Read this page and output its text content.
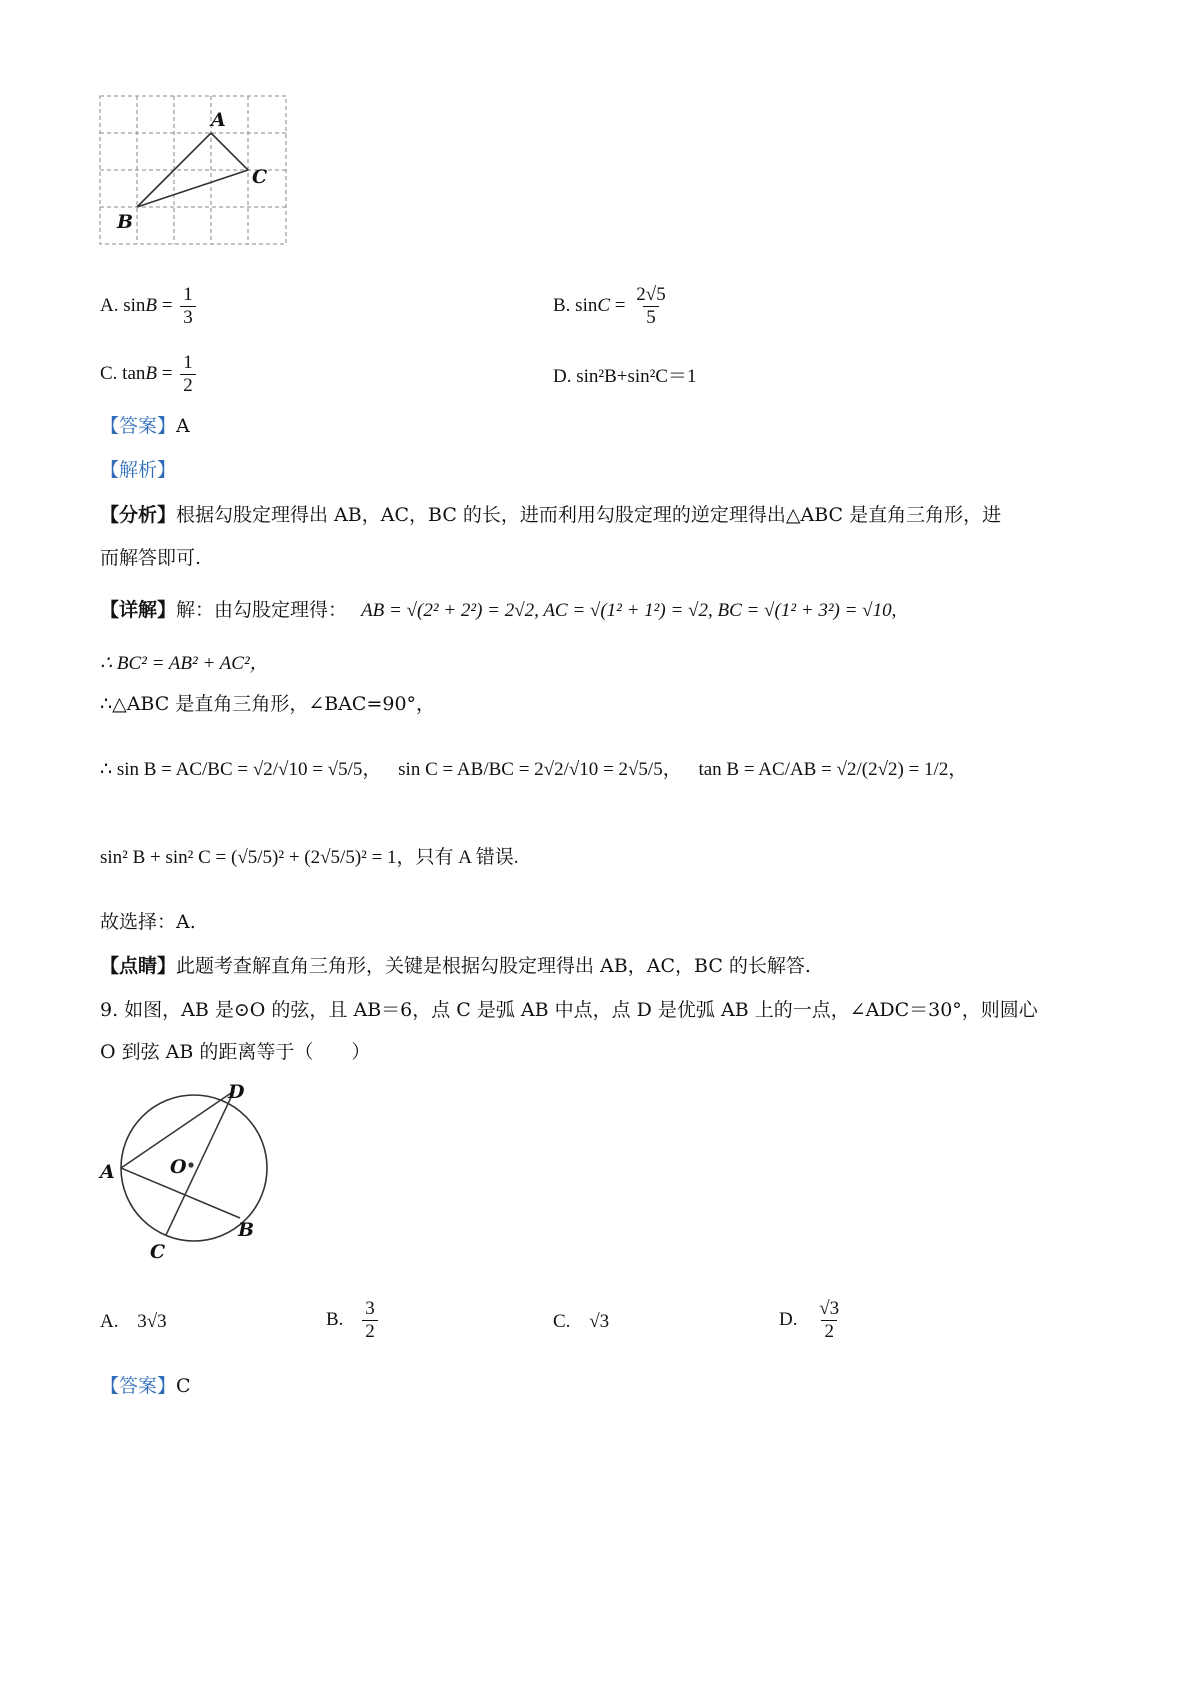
A
C
B
A. $\sin B = \frac{1}{3}$	B. $\sin C = \frac{2√5}{5}$
C. $\tan B = \frac{1}{2}$	D. sin²B+sin²C＝1
【答案】A
【解析】
【分析】根据勾股定理得出 AB，AC，BC 的长，进而利用勾股定理的逆定理得出△ABC 是直角三角形，进
而解答即可.
【详解】解：由勾股定理得： AB = √(2² + 2²) = 2√2, AC = √(1² + 1²) = √2, BC = √(1² + 3²) = √10,
∴ BC² = AB² + AC²，
∴△ABC 是直角三角形，∠BAC=90°，
∴ sin B = AC/BC = √2/√10 = √5/5， sin C = AB/BC = 2√2/√10 = 2√5/5， tan B = AC/AB = √2/(2√2) = 1/2，
sin² B + sin² C = (√5/5)² + (2√5/5)² = 1，只有 A 错误.
故选择：A.
【点睛】此题考查解直角三角形，关键是根据勾股定理得出 AB，AC，BC 的长解答.
9. 如图，AB 是⊙O 的弦，且 AB＝6，点 C 是弧 AB 中点，点 D 是优弧 AB 上的一点，∠ADC＝30°，则圆心
O 到弦 AB 的距离等于（　　）
D
A	O
B
C
A. 3√3	B. $\frac{3}{2}$	C. √3	D. $\frac{√3}{2}$
【答案】C
